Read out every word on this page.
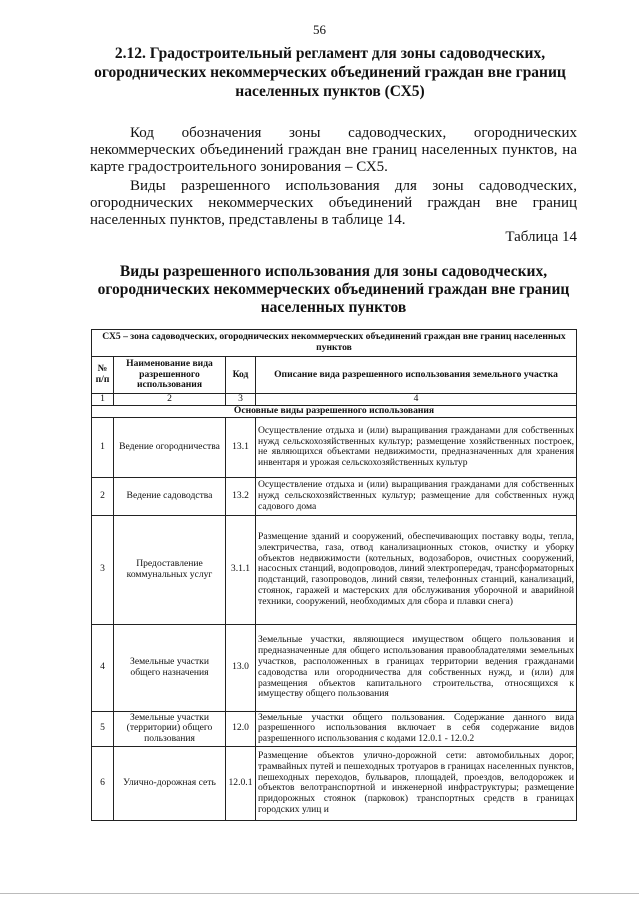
56
2.12. Градостроительный регламент для зоны садоводческих, огороднических некоммерческих объединений граждан вне границ населенных пунктов (СХ5)
Код обозначения зоны садоводческих, огороднических некоммерческих объединений граждан вне границ населенных пунктов, на карте градостроительного зонирования – СХ5.
Виды разрешенного использования для зоны садоводческих, огороднических некоммерческих объединений граждан вне границ населенных пунктов, представлены в таблице 14.
Таблица 14
Виды разрешенного использования для зоны садоводческих, огороднических некоммерческих объединений граждан вне границ населенных пунктов
СХ5 – зона садоводческих, огороднических некоммерческих объединений граждан вне границ населенных пунктов			
№ п/п	Наименование вида разрешенного использования	Код	Описание вида разрешенного использования земельного участка
1	2	3	4
Основные виды разрешенного использования			
1	Ведение огородничества	13.1	Осуществление отдыха и (или) выращивания гражданами для собственных нужд сельскохозяйственных культур; размещение хозяйственных построек, не являющихся объектами недвижимости, предназначенных для хранения инвентаря и урожая сельскохозяйственных культур
2	Ведение садоводства	13.2	Осуществление отдыха и (или) выращивания гражданами для собственных нужд сельскохозяйственных культур; размещение для собственных нужд садового дома
3	Предоставление коммунальных услуг	3.1.1	Размещение зданий и сооружений, обеспечивающих поставку воды, тепла, электричества, газа, отвод канализационных стоков, очистку и уборку объектов недвижимости (котельных, водозаборов, очистных сооружений, насосных станций, водопроводов, линий электропередач, трансформаторных подстанций, газопроводов, линий связи, телефонных станций, канализаций, стоянок, гаражей и мастерских для обслуживания уборочной и аварийной техники, сооружений, необходимых для сбора и плавки снега)
4	Земельные участки общего назначения	13.0	Земельные участки, являющиеся имуществом общего пользования и предназначенные для общего использования правообладателями земельных участков, расположенных в границах территории ведения гражданами садоводства или огородничества для собственных нужд, и (или) для размещения объектов капитального строительства, относящихся к имуществу общего пользования
5	Земельные участки (территории) общего пользования	12.0	Земельные участки общего пользования. Содержание данного вида разрешенного использования включает в себя содержание видов разрешенного использования с кодами 12.0.1 - 12.0.2
6	Улично-дорожная сеть	12.0.1	Размещение объектов улично-дорожной сети: автомобильных дорог, трамвайных путей и пешеходных тротуаров в границах населенных пунктов, пешеходных переходов, бульваров, площадей, проездов, велодорожек и объектов велотранспортной и инженерной инфраструктуры; размещение придорожных стоянок (парковок) транспортных средств в границах городских улиц и
